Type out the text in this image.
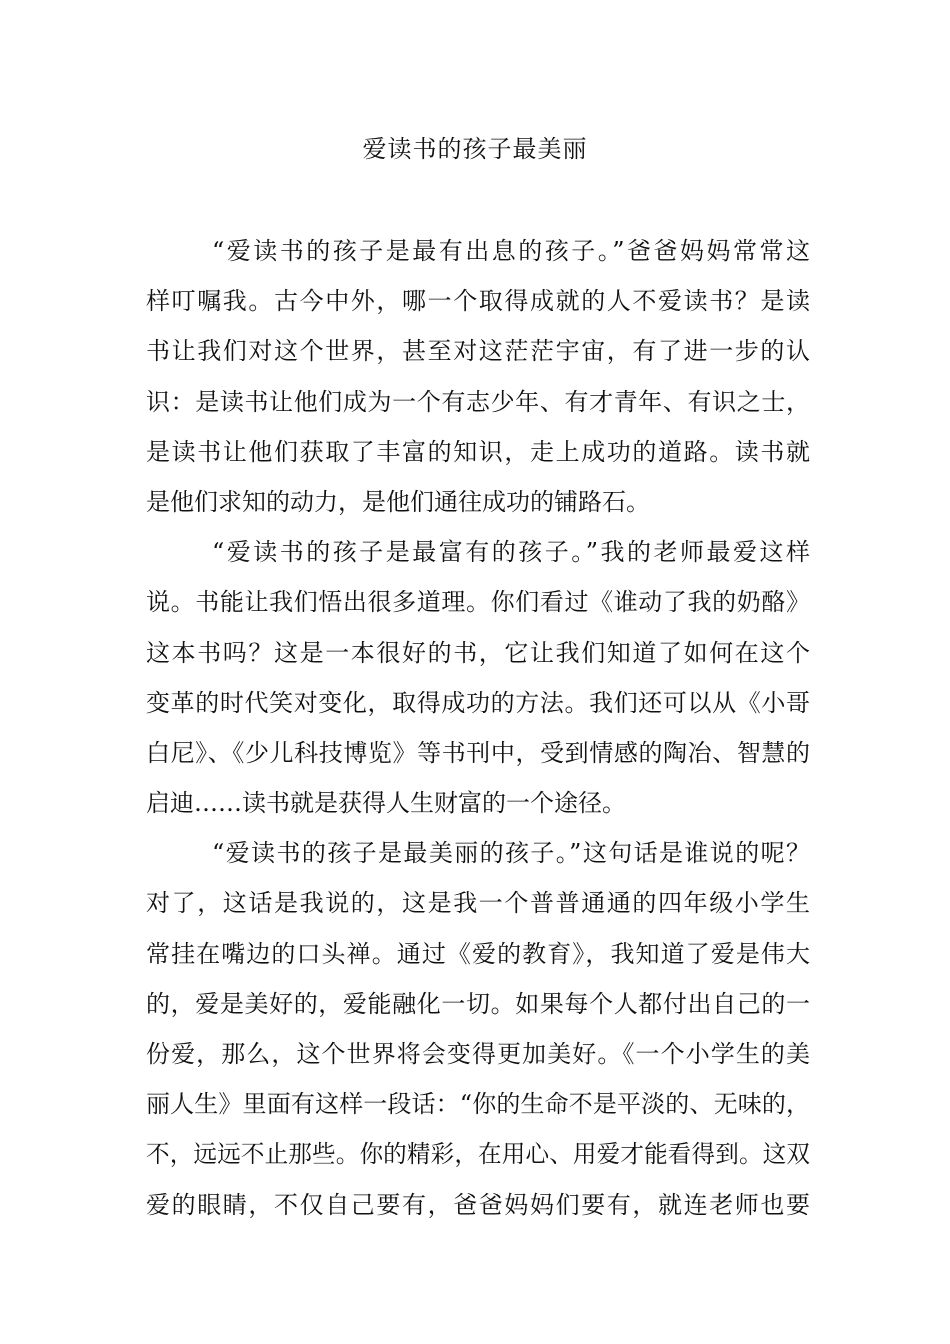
爱读书的孩子最美丽
“爱读书的孩子是最有出息的孩子。”爸爸妈妈常常这
样叮嘱我。古今中外，哪一个取得成就的人不爱读书？是读
书让我们对这个世界，甚至对这茫茫宇宙，有了进一步的认
识：是读书让他们成为一个有志少年、有才青年、有识之士，
是读书让他们获取了丰富的知识，走上成功的道路。读书就
是他们求知的动力，是他们通往成功的铺路石。
“爱读书的孩子是最富有的孩子。”我的老师最爱这样
说。书能让我们悟出很多道理。你们看过《谁动了我的奶酪》
这本书吗？这是一本很好的书，它让我们知道了如何在这个
变革的时代笑对变化，取得成功的方法。我们还可以从《小哥
白尼》、《少儿科技博览》等书刊中，受到情感的陶冶、智慧的
启迪……读书就是获得人生财富的一个途径。
“爱读书的孩子是最美丽的孩子。”这句话是谁说的呢？
对了，这话是我说的，这是我一个普普通通的四年级小学生
常挂在嘴边的口头禅。通过《爱的教育》，我知道了爱是伟大
的，爱是美好的，爱能融化一切。如果每个人都付出自己的一
份爱，那么，这个世界将会变得更加美好。《一个小学生的美
丽人生》里面有这样一段话：“你的生命不是平淡的、无味的，
不，远远不止那些。你的精彩，在用心、用爱才能看得到。这双
爱的眼睛，不仅自己要有，爸爸妈妈们要有，就连老师也要
